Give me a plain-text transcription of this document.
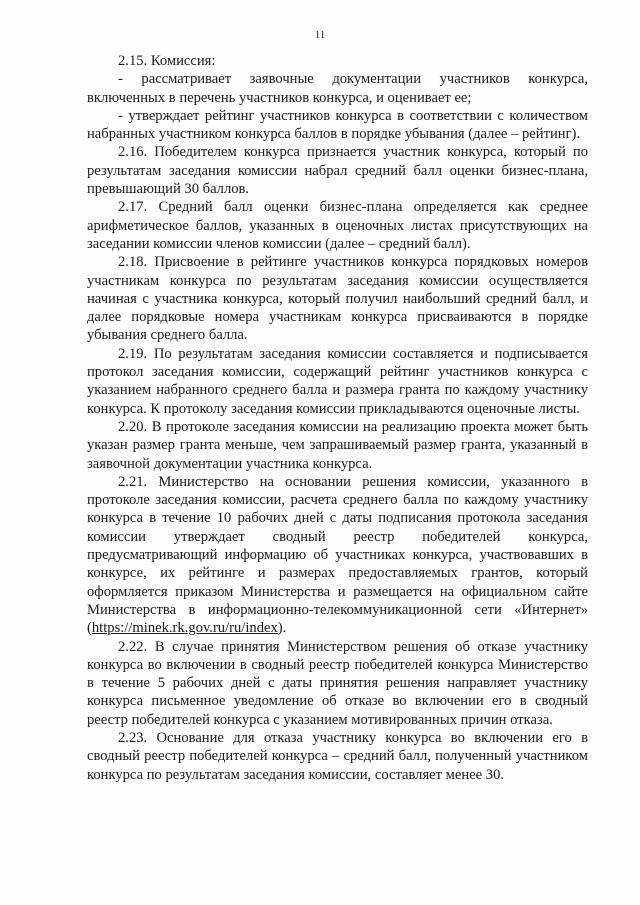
11

2.15. Комиссия:

- рассматривает заявочные документации участников конкурса, включенных в перечень участников конкурса, и оценивает ее;

- утверждает рейтинг участников конкурса в соответствии с количеством набранных участником конкурса баллов в порядке убывания (далее – рейтинг).

2.16. Победителем конкурса признается участник конкурса, который по результатам заседания комиссии набрал средний балл оценки бизнес-плана, превышающий 30 баллов.

2.17. Средний балл оценки бизнес-плана определяется как среднее арифметическое баллов, указанных в оценочных листах присутствующих на заседании комиссии членов комиссии (далее – средний балл).

2.18. Присвоение в рейтинге участников конкурса порядковых номеров участникам конкурса по результатам заседания комиссии осуществляется начиная с участника конкурса, который получил наибольший средний балл, и далее порядковые номера участникам конкурса присваиваются в порядке убывания среднего балла.

2.19. По результатам заседания комиссии составляется и подписывается протокол заседания комиссии, содержащий рейтинг участников конкурса с указанием набранного среднего балла и размера гранта по каждому участнику конкурса. К протоколу заседания комиссии прикладываются оценочные листы.

2.20. В протоколе заседания комиссии на реализацию проекта может быть указан размер гранта меньше, чем запрашиваемый размер гранта, указанный в заявочной документации участника конкурса.

2.21. Министерство на основании решения комиссии, указанного в протоколе заседания комиссии, расчета среднего балла по каждому участнику конкурса в течение 10 рабочих дней с даты подписания протокола заседания комиссии утверждает сводный реестр победителей конкурса, предусматривающий информацию об участниках конкурса, участвовавших в конкурсе, их рейтинге и размерах предоставляемых грантов, который оформляется приказом Министерства и размещается на официальном сайте Министерства в информационно-телекоммуникационной сети «Интернет» (https://minek.rk.gov.ru/ru/index).

2.22. В случае принятия Министерством решения об отказе участнику конкурса во включении в сводный реестр победителей конкурса Министерство в течение 5 рабочих дней с даты принятия решения направляет участнику конкурса письменное уведомление об отказе во включении его в сводный реестр победителей конкурса с указанием мотивированных причин отказа.

2.23. Основание для отказа участнику конкурса во включении его в сводный реестр победителей конкурса – средний балл, полученный участником конкурса по результатам заседания комиссии, составляет менее 30.
